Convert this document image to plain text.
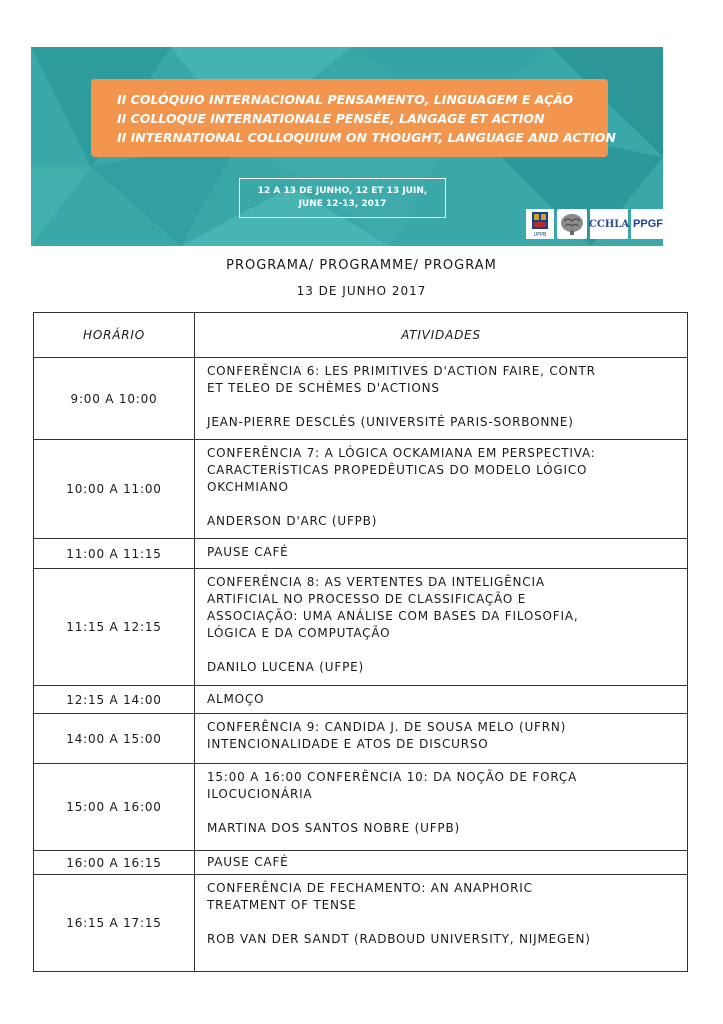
II COLÓQUIO INTERNACIONAL PENSAMENTO, LINGUAGEM E AÇÃO
II COLLOQUE INTERNATIONALE PENSÉE, LANGAGE ET ACTION
II INTERNATIONAL COLLOQUIUM ON THOUGHT, LANGUAGE AND ACTION
12 A 13 DE JUNHO, 12 ET 13 JUIN,
JUNE 12-13, 2017
UFPB
CCHLA PPGF
PROGRAMA/ PROGRAMME/ PROGRAM
13 DE JUNHO 2017
HORÁRIO	ATIVIDADES
9:00 A 10:00	CONFERÊNCIA 6: LES PRIMITIVES D'ACTION FAIRE, CONTR
ET TELEO DE SCHÈMES D'ACTIONS
JEAN-PIERRE DESCLÉS (UNIVERSITÉ PARIS-SORBONNE)

10:00 A 11:00	CONFERÊNCIA 7: A LÓGICA OCKAMIANA EM PERSPECTIVA:
CARACTERÍSTICAS PROPEDÊUTICAS DO MODELO LÓGICO
OKCHMIANO
ANDERSON D'ARC (UFPB)

11:00 A 11:15	PAUSE CAFÉ

11:15 A 12:15	CONFERÊNCIA 8: AS VERTENTES DA INTELIGÊNCIA
ARTIFICIAL NO PROCESSO DE CLASSIFICAÇÃO E
ASSOCIAÇÃO: UMA ANÁLISE COM BASES DA FILOSOFIA,
LÓGICA E DA COMPUTAÇÃO
DANILO LUCENA (UFPE)

12:15 A 14:00	ALMOÇO

14:00 A 15:00	CONFERÊNCIA 9: CANDIDA J. DE SOUSA MELO (UFRN)
INTENCIONALIDADE E ATOS DE DISCURSO

15:00 A 16:00	15:00 A 16:00 CONFERÊNCIA 10: DA NOÇÃO DE FORÇA
ILOCUCIONÁRIA
MARTINA DOS SANTOS NOBRE (UFPB)

16:00 A 16:15	PAUSE CAFÉ

16:15 A 17:15	CONFERÊNCIA DE FECHAMENTO: AN ANAPHORIC
TREATMENT OF TENSE
ROB VAN DER SANDT (RADBOUD UNIVERSITY, NIJMEGEN)
